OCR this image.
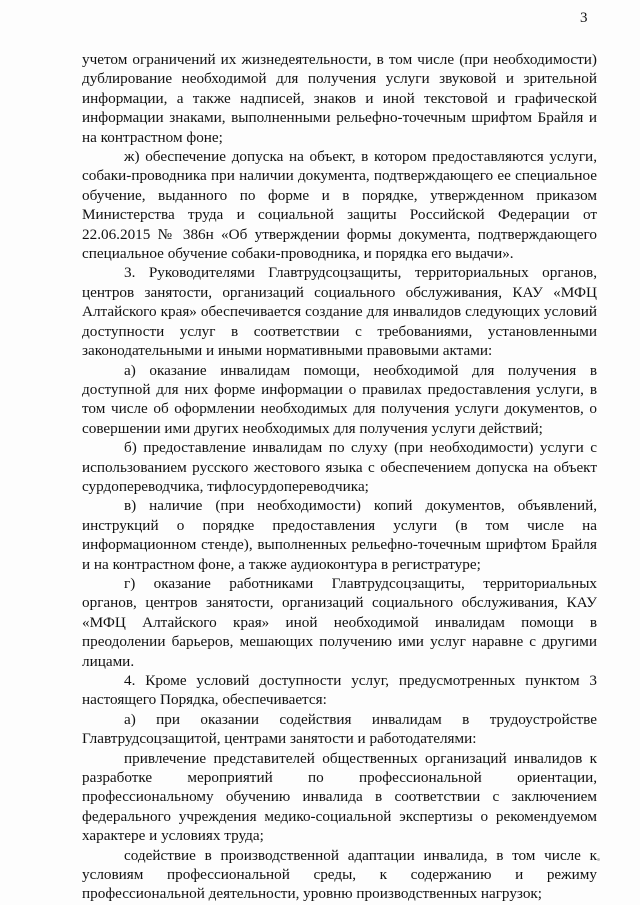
3

учетом ограничений их жизнедеятельности, в том числе (при необходимости) дублирование необходимой для получения услуги звуковой и зрительной информации, а также надписей, знаков и иной текстовой и графической информации знаками, выполненными рельефно-точечным шрифтом Брайля и на контрастном фоне;

ж) обеспечение допуска на объект, в котором предоставляются услуги, собаки-проводника при наличии документа, подтверждающего ее специальное обучение, выданного по форме и в порядке, утвержденном приказом Министерства труда и социальной защиты Российской Федерации от 22.06.2015 № 386н «Об утверждении формы документа, подтверждающего специальное обучение собаки-проводника, и порядка его выдачи».

3. Руководителями Главтрудсоцзащиты, территориальных органов, центров занятости, организаций социального обслуживания, КАУ «МФЦ Алтайского края» обеспечивается создание для инвалидов следующих условий доступности услуг в соответствии с требованиями, установленными законодательными и иными нормативными правовыми актами:

а) оказание инвалидам помощи, необходимой для получения в доступной для них форме информации о правилах предоставления услуги, в том числе об оформлении необходимых для получения услуги документов, о совершении ими других необходимых для получения услуги действий;

б) предоставление инвалидам по слуху (при необходимости) услуги с использованием русского жестового языка с обеспечением допуска на объект сурдопереводчика, тифлосурдопереводчика;

в) наличие (при необходимости) копий документов, объявлений, инструкций о порядке предоставления услуги (в том числе на информационном стенде), выполненных рельефно-точечным шрифтом Брайля и на контрастном фоне, а также аудиоконтура в регистратуре;

г) оказание работниками Главтрудсоцзащиты, территориальных органов, центров занятости, организаций социального обслуживания, КАУ «МФЦ Алтайского края» иной необходимой инвалидам помощи в преодолении барьеров, мешающих получению ими услуг наравне с другими лицами.

4. Кроме условий доступности услуг, предусмотренных пунктом 3 настоящего Порядка, обеспечивается:

а) при оказании содействия инвалидам в трудоустройстве Главтрудсоцзащитой, центрами занятости и работодателями:

привлечение представителей общественных организаций инвалидов к разработке мероприятий по профессиональной ориентации, профессиональному обучению инвалида в соответствии с заключением федерального учреждения медико-социальной экспертизы о рекомендуемом характере и условиях труда;

содействие в производственной адаптации инвалида, в том числе к условиям профессиональной среды, к содержанию и режиму профессиональной деятельности, уровню производственных нагрузок;
